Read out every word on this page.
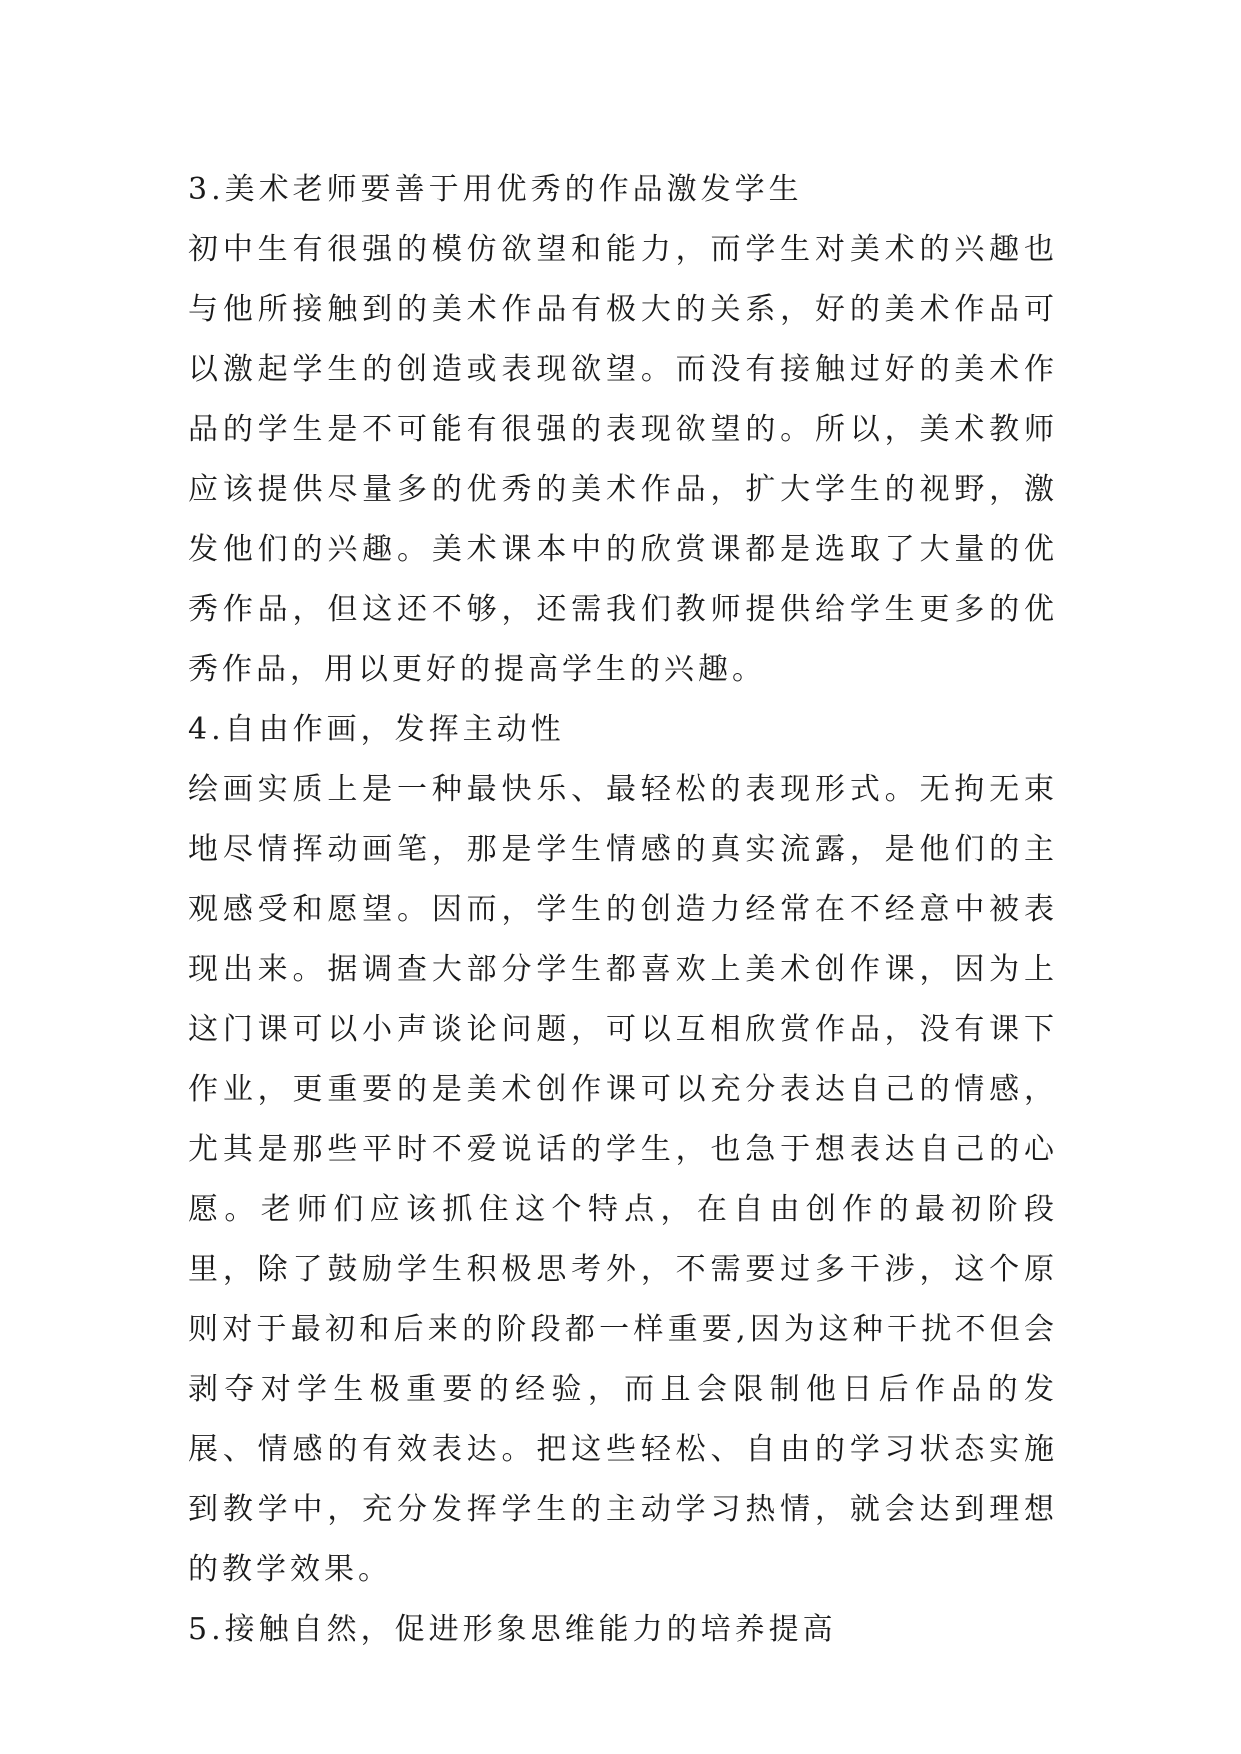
3.美术老师要善于用优秀的作品激发学生

初中生有很强的模仿欲望和能力，而学生对美术的兴趣也与他所接触到的美术作品有极大的关系，好的美术作品可以激起学生的创造或表现欲望。而没有接触过好的美术作品的学生是不可能有很强的表现欲望的。所以，美术教师应该提供尽量多的优秀的美术作品，扩大学生的视野，激发他们的兴趣。美术课本中的欣赏课都是选取了大量的优秀作品，但这还不够，还需我们教师提供给学生更多的优秀作品，用以更好的提高学生的兴趣。

4.自由作画，发挥主动性

绘画实质上是一种最快乐、最轻松的表现形式。无拘无束地尽情挥动画笔，那是学生情感的真实流露，是他们的主观感受和愿望。因而，学生的创造力经常在不经意中被表现出来。据调查大部分学生都喜欢上美术创作课，因为上这门课可以小声谈论问题，可以互相欣赏作品，没有课下作业，更重要的是美术创作课可以充分表达自己的情感，尤其是那些平时不爱说话的学生，也急于想表达自己的心愿。老师们应该抓住这个特点，在自由创作的最初阶段里，除了鼓励学生积极思考外，不需要过多干涉，这个原则对于最初和后来的阶段都一样重要,因为这种干扰不但会剥夺对学生极重要的经验，而且会限制他日后作品的发展、情感的有效表达。把这些轻松、自由的学习状态实施到教学中，充分发挥学生的主动学习热情，就会达到理想的教学效果。

5.接触自然，促进形象思维能力的培养提高
